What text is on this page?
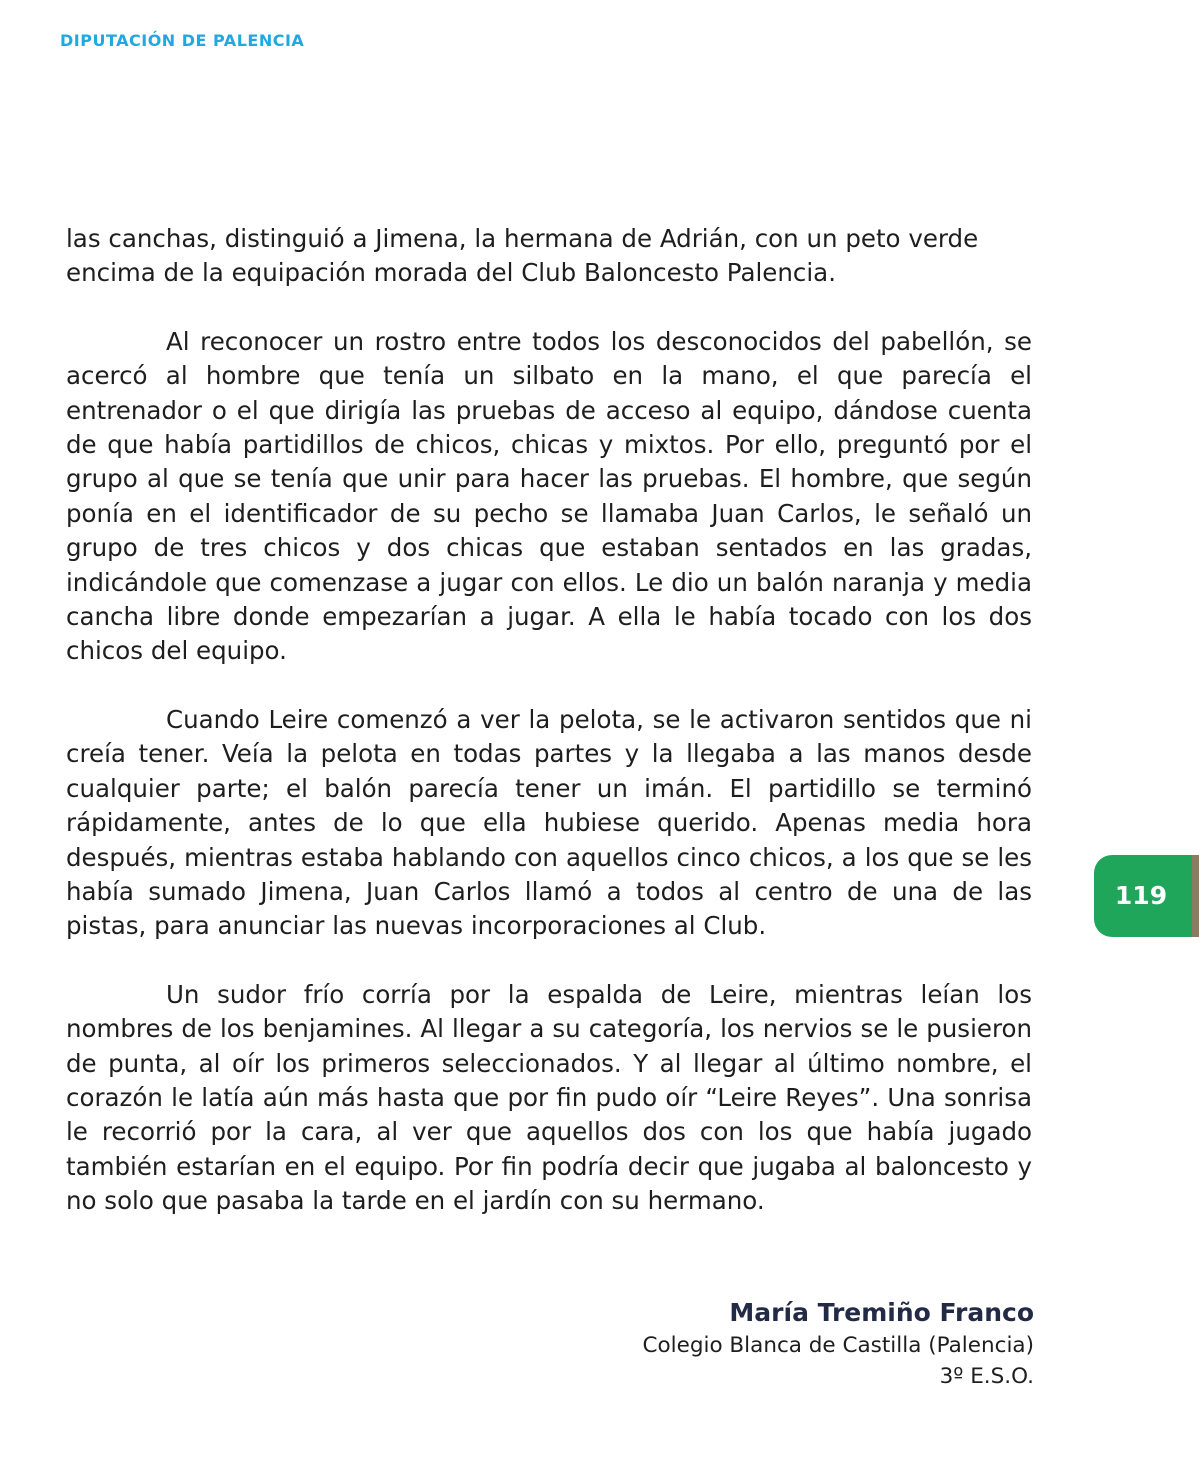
DIPUTACIÓN DE PALENCIA

las canchas, distinguió a Jimena, la hermana de Adrián, con un peto verde encima de la equipación morada del Club Baloncesto Palencia.

Al reconocer un rostro entre todos los desconocidos del pabellón, se acercó al hombre que tenía un silbato en la mano, el que parecía el entrenador o el que dirigía las pruebas de acceso al equipo, dándose cuenta de que había partidillos de chicos, chicas y mixtos. Por ello, preguntó por el grupo al que se tenía que unir para hacer las pruebas. El hombre, que según ponía en el identificador de su pecho se llamaba Juan Carlos, le señaló un grupo de tres chicos y dos chicas que estaban sentados en las gradas, indicándole que comenzase a jugar con ellos. Le dio un balón naranja y media cancha libre donde empezarían a jugar. A ella le había tocado con los dos chicos del equipo.

Cuando Leire comenzó a ver la pelota, se le activaron sentidos que ni creía tener. Veía la pelota en todas partes y la llegaba a las manos desde cualquier parte; el balón parecía tener un imán. El partidillo se terminó rápidamente, antes de lo que ella hubiese querido. Apenas media hora después, mientras estaba hablando con aquellos cinco chicos, a los que se les había sumado Jimena, Juan Carlos llamó a todos al centro de una de las pistas, para anunciar las nuevas incorporaciones al Club.

Un sudor frío corría por la espalda de Leire, mientras leían los nombres de los benjamines. Al llegar a su categoría, los nervios se le pusieron de punta, al oír los primeros seleccionados. Y al llegar al último nombre, el corazón le latía aún más hasta que por fin pudo oír “Leire Reyes”. Una sonrisa le recorrió por la cara, al ver que aquellos dos con los que había jugado también estarían en el equipo. Por fin podría decir que jugaba al baloncesto y no solo que pasaba la tarde en el jardín con su hermano.

María Tremiño Franco
Colegio Blanca de Castilla (Palencia)
3º E.S.O.
119
